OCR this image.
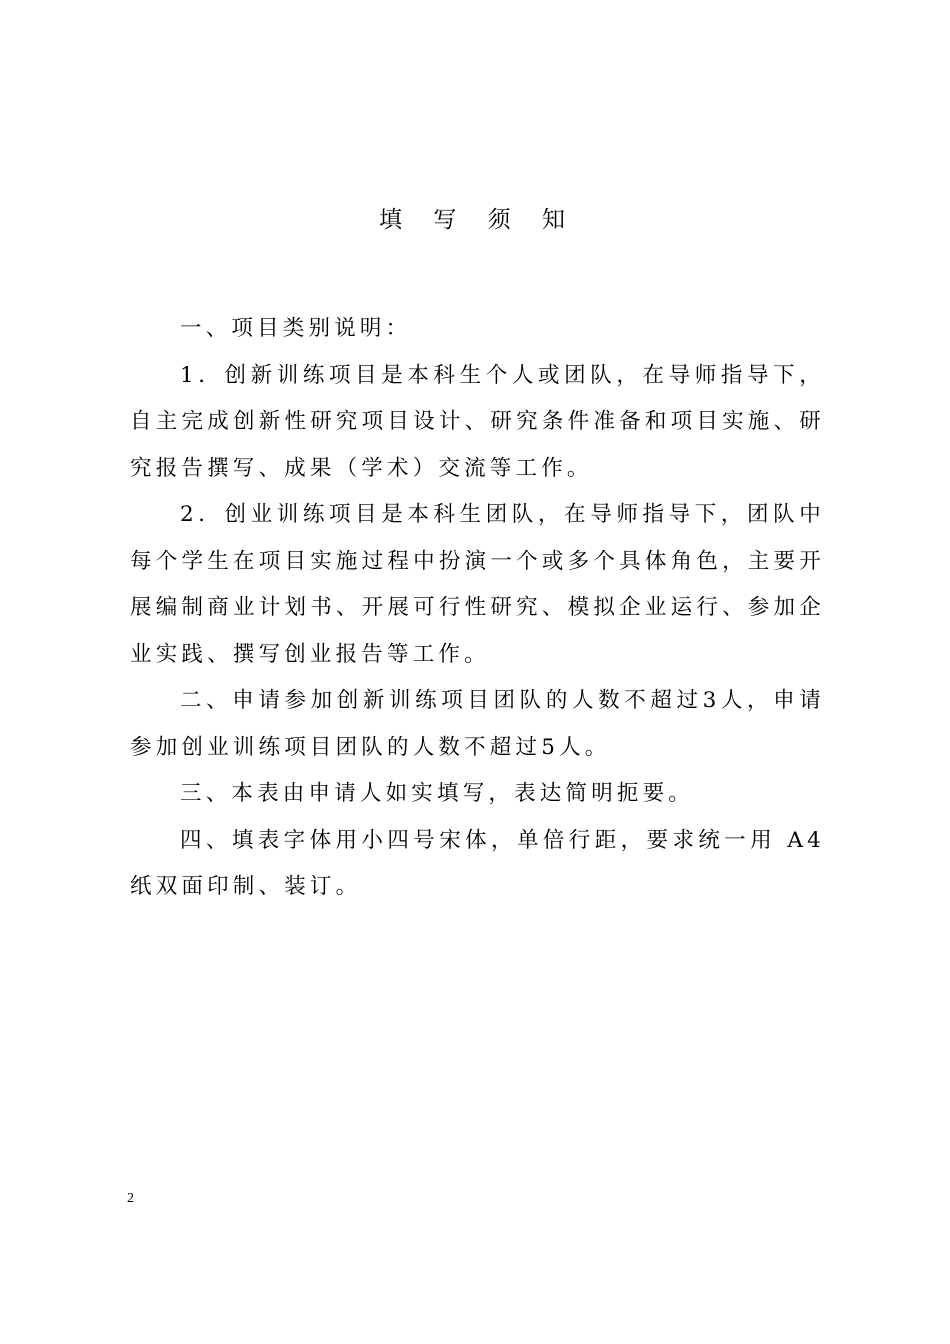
填 写 须 知

一、项目类别说明：

1．创新训练项目是本科生个人或团队，在导师指导下，自主完成创新性研究项目设计、研究条件准备和项目实施、研究报告撰写、成果（学术）交流等工作。

2．创业训练项目是本科生团队，在导师指导下，团队中每个学生在项目实施过程中扮演一个或多个具体角色，主要开展编制商业计划书、开展可行性研究、模拟企业运行、参加企业实践、撰写创业报告等工作。

二、申请参加创新训练项目团队的人数不超过3人，申请参加创业训练项目团队的人数不超过5人。

三、本表由申请人如实填写，表达简明扼要。

四、填表字体用小四号宋体，单倍行距，要求统一用 A4 纸双面印制、装订。

2
